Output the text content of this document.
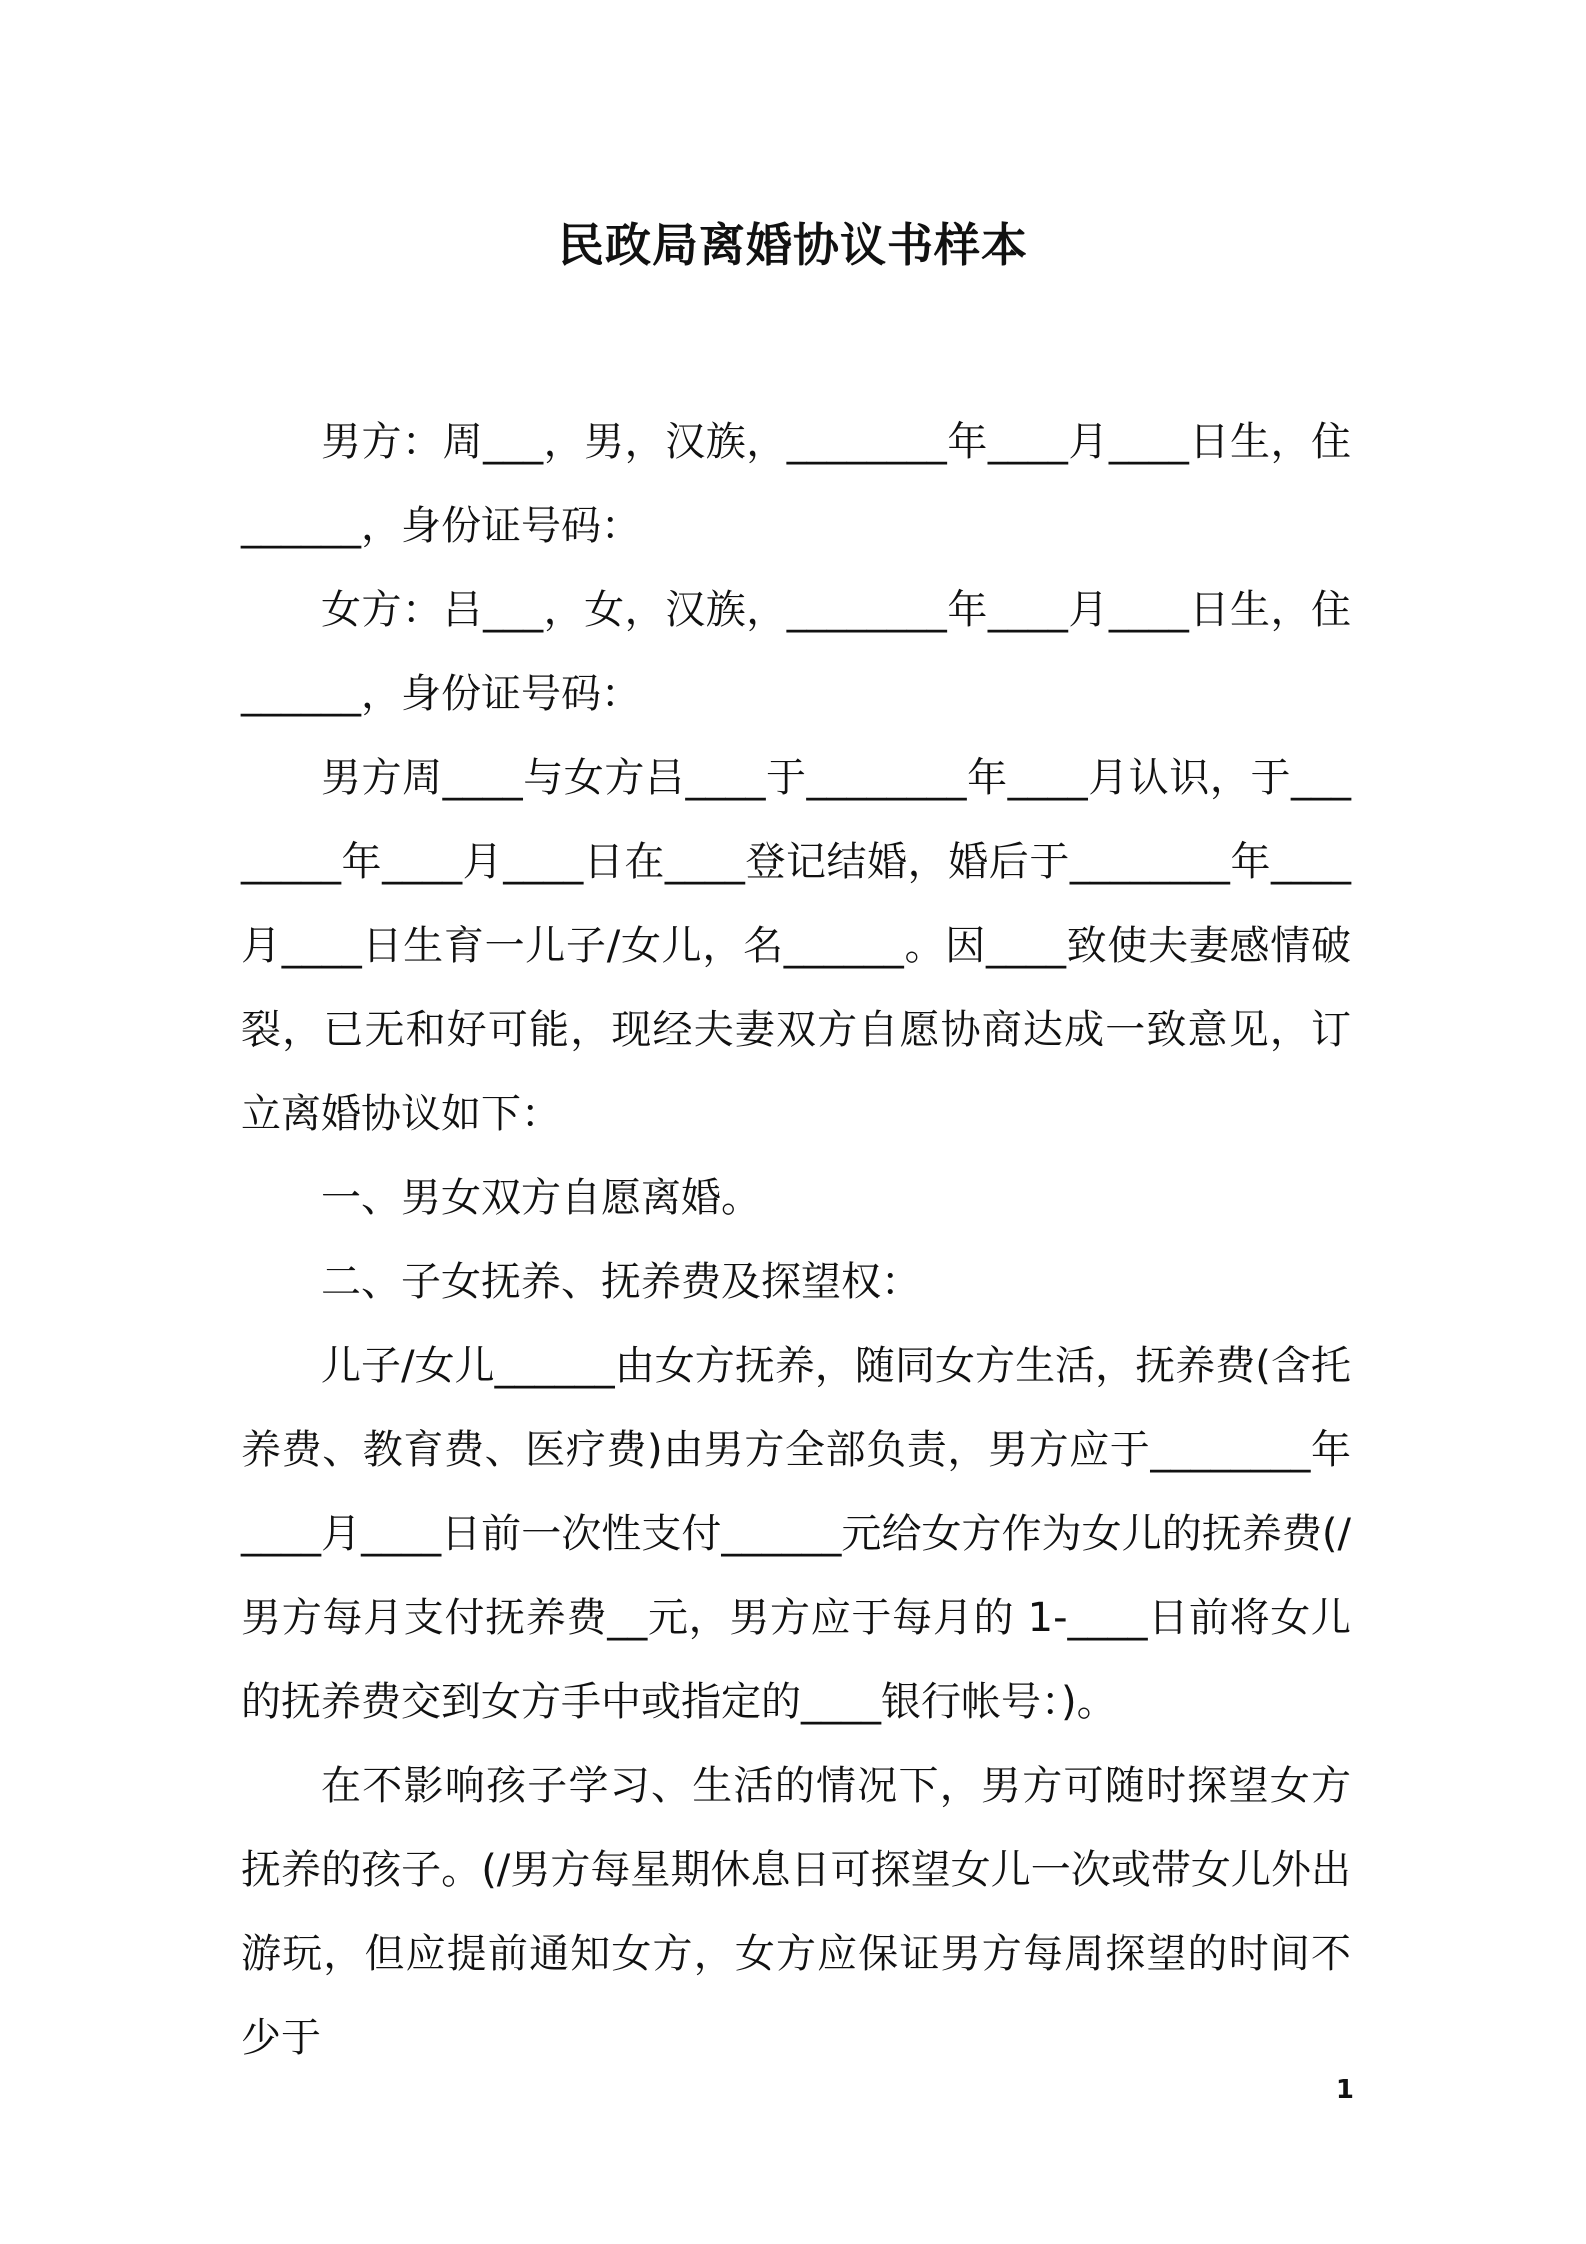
民政局离婚协议书样本

男方：周___，男，汉族，________年____月____日生，住______，身份证号码：

女方：吕___，女，汉族，________年____月____日生，住______，身份证号码：

男方周____与女方吕____于________年____月认识，于________年____月____日在____登记结婚，婚后于________年____月____日生育一儿子/女儿，名______。因____致使夫妻感情破裂，已无和好可能，现经夫妻双方自愿协商达成一致意见，订立离婚协议如下：

一、男女双方自愿离婚。

二、子女抚养、抚养费及探望权：

儿子/女儿______由女方抚养，随同女方生活，抚养费(含托养费、教育费、医疗费)由男方全部负责，男方应于________年____月____日前一次性支付______元给女方作为女儿的抚养费(/男方每月支付抚养费__元，男方应于每月的 1-____日前将女儿的抚养费交到女方手中或指定的____银行帐号：)。

在不影响孩子学习、生活的情况下，男方可随时探望女方抚养的孩子。(/男方每星期休息日可探望女儿一次或带女儿外出游玩，但应提前通知女方，女方应保证男方每周探望的时间不少于

1
